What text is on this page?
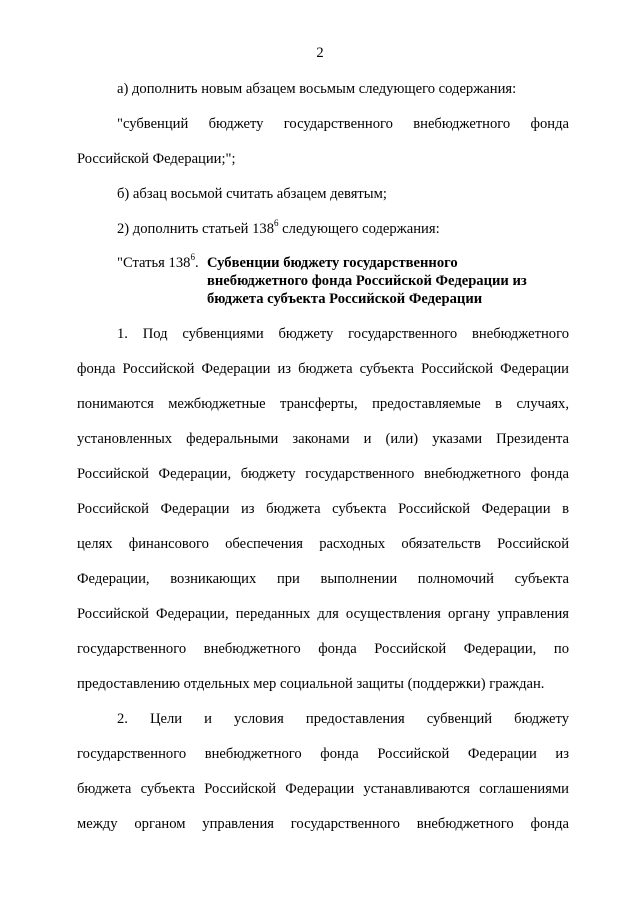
2
а) дополнить новым абзацем восьмым следующего содержания:
"субвенций бюджету государственного внебюджетного фонда
Российской Федерации;";
б) абзац восьмой считать абзацем девятым;
2) дополнить статьей $138^6$ следующего содержания:
"Статья $138^6$. Субвенции бюджету государственного
внебюджетного фонда Российской Федерации из
бюджета субъекта Российской Федерации
1. Под субвенциями бюджету государственного внебюджетного
фонда Российской Федерации из бюджета субъекта Российской Федерации
понимаются межбюджетные трансферты, предоставляемые в случаях,
установленных федеральными законами и (или) указами Президента
Российской Федерации, бюджету государственного внебюджетного фонда
Российской Федерации из бюджета субъекта Российской Федерации в
целях финансового обеспечения расходных обязательств Российской
Федерации, возникающих при выполнении полномочий субъекта
Российской Федерации, переданных для осуществления органу управления
государственного внебюджетного фонда Российской Федерации, по
предоставлению отдельных мер социальной защиты (поддержки) граждан.
2. Цели и условия предоставления субвенций бюджету
государственного внебюджетного фонда Российской Федерации из
бюджета субъекта Российской Федерации устанавливаются соглашениями
между органом управления государственного внебюджетного фонда
